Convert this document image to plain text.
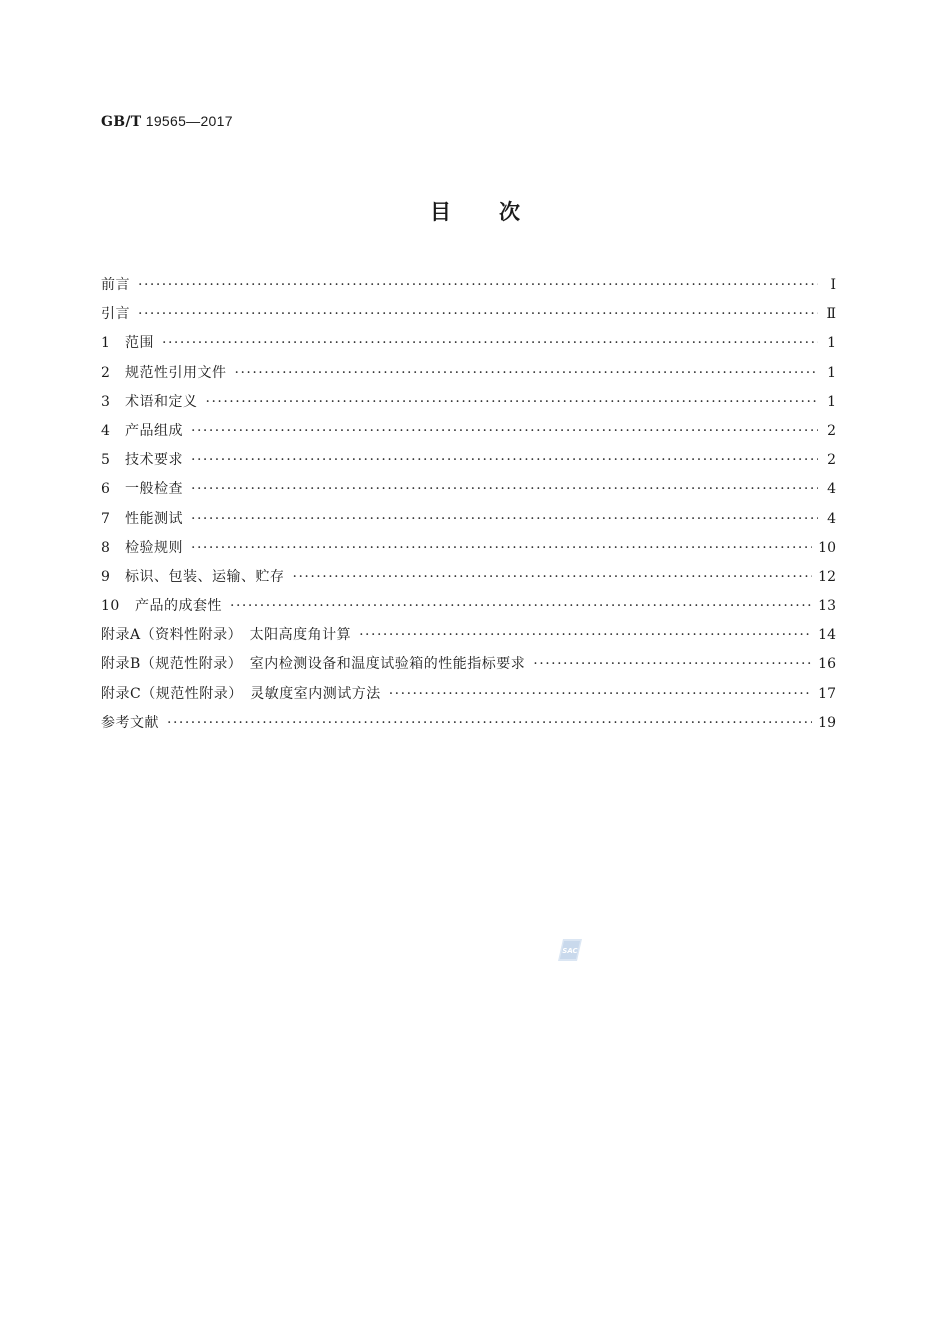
GB/T 19565—2017
目次
前言 ·····	Ⅰ
引言 ·····	Ⅱ
1 范围 ·····	1
2 规范性引用文件 ·····	1
3 术语和定义 ·····	1
4 产品组成 ·····	2
5 技术要求 ·····	2
6 一般检查 ·····	4
7 性能测试 ·····	4
8 检验规则 ·····	10
9 标识、包装、运输、贮存 ·····	12
10 产品的成套性 ·····	13
附录A（资料性附录）　太阳高度角计算 ·····	14
附录B（规范性附录）　室内检测设备和温度试验箱的性能指标要求 ·····	16
附录C（规范性附录）　灵敏度室内测试方法 ·····	17
参考文献 ·····	19
SAC
